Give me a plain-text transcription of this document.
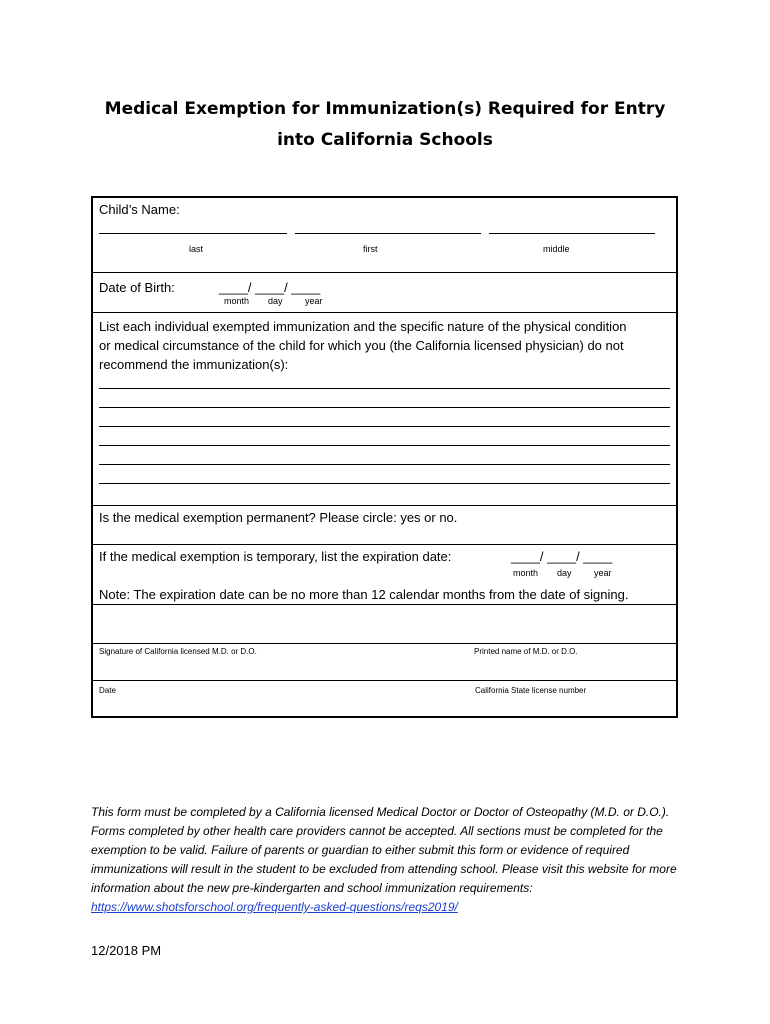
Medical Exemption for Immunization(s) Required for Entry
into California Schools
Child’s Name:
last	first	middle
Date of Birth:	____/ ____/ ____
month day year
List each individual exempted immunization and the specific nature of the physical condition
or medical circumstance of the child for which you (the California licensed physician) do not
recommend the immunization(s):
Is the medical exemption permanent? Please circle: yes or no.
If the medical exemption is temporary, list the expiration date:	____/ ____/ ____
month day year
Note: The expiration date can be no more than 12 calendar months from the date of signing.
Signature of California licensed M.D. or D.O.	Printed name of M.D. or D.O.
Date	California State license number
This form must be completed by a California licensed Medical Doctor or Doctor of Osteopathy (M.D. or D.O.). Forms completed by other health care providers cannot be accepted. All sections must be completed for the exemption to be valid. Failure of parents or guardian to either submit this form or evidence of required immunizations will result in the student to be excluded from attending school. Please visit this website for more information about the new pre-kindergarten and school immunization requirements: https://www.shotsforschool.org/frequently-asked-questions/reqs2019/
12/2018 PM
